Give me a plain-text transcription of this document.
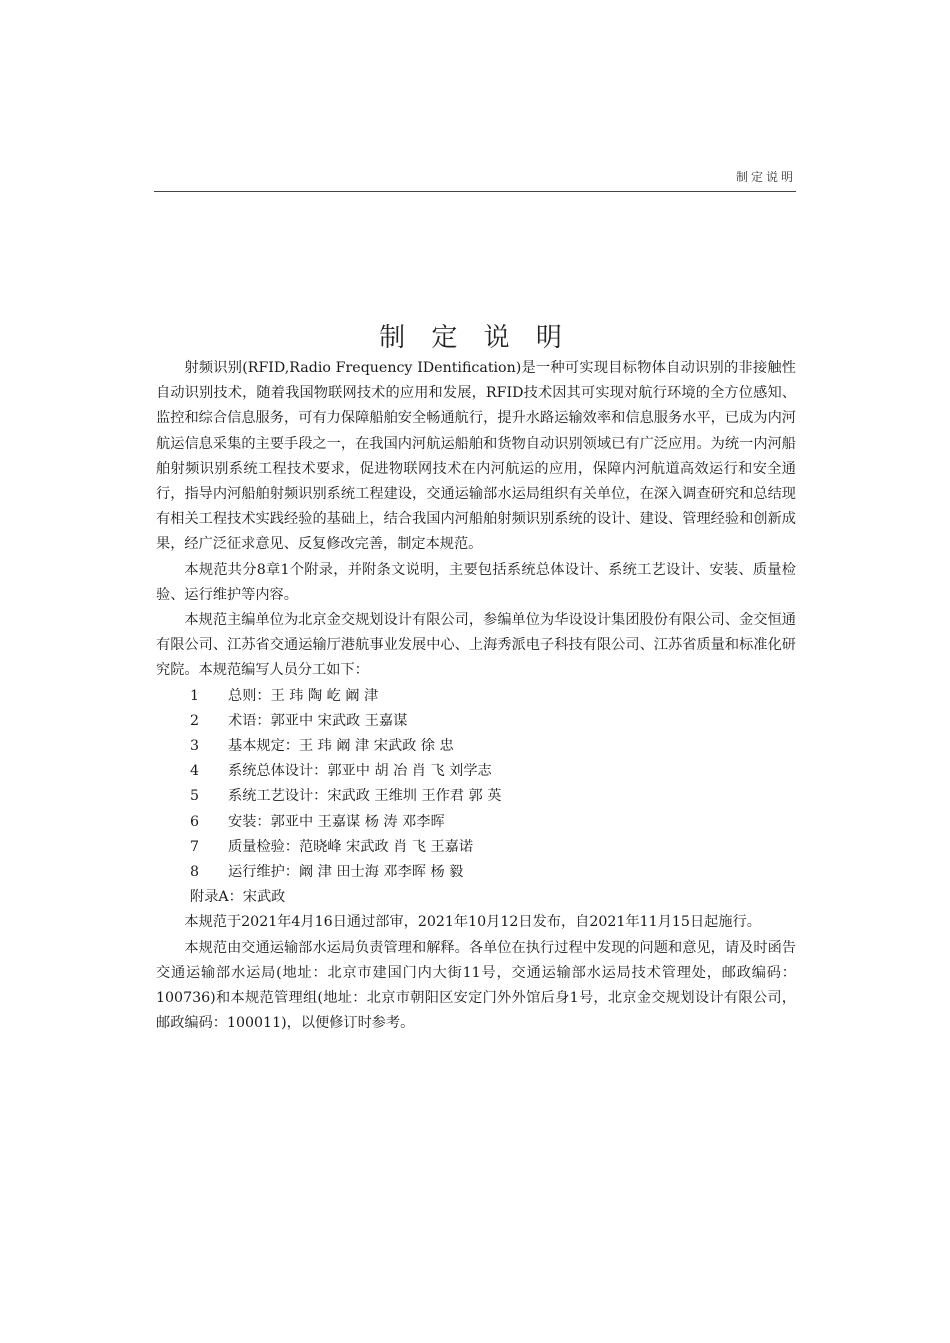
制定说明
制 定 说 明

射频识别(RFID,Radio Frequency IDentification)是一种可实现目标物体自动识别的非接触性自动识别技术，随着我国物联网技术的应用和发展，RFID技术因其可实现对航行环境的全方位感知、监控和综合信息服务，可有力保障船舶安全畅通航行，提升水路运输效率和信息服务水平，已成为内河航运信息采集的主要手段之一，在我国内河航运船舶和货物自动识别领域已有广泛应用。为统一内河船舶射频识别系统工程技术要求，促进物联网技术在内河航运的应用，保障内河航道高效运行和安全通行，指导内河船舶射频识别系统工程建设，交通运输部水运局组织有关单位，在深入调查研究和总结现有相关工程技术实践经验的基础上，结合我国内河船舶射频识别系统的设计、建设、管理经验和创新成果，经广泛征求意见、反复修改完善，制定本规范。

本规范共分8章1个附录，并附条文说明，主要包括系统总体设计、系统工艺设计、安装、质量检验、运行维护等内容。

本规范主编单位为北京金交规划设计有限公司，参编单位为华设设计集团股份有限公司、金交恒通有限公司、江苏省交通运输厅港航事业发展中心、上海秀派电子科技有限公司、江苏省质量和标准化研究院。本规范编写人员分工如下：

1 总则：王 玮 陶 屹 阚 津
2 术语：郭亚中 宋武政 王嘉谋
3 基本规定：王 玮 阚 津 宋武政 徐 忠
4 系统总体设计：郭亚中 胡 冶 肖 飞 刘学志
5 系统工艺设计：宋武政 王维圳 王作君 郭 英
6 安装：郭亚中 王嘉谋 杨 涛 邓李晖
7 质量检验：范晓峰 宋武政 肖 飞 王嘉诺
8 运行维护：阚 津 田士海 邓李晖 杨 毅
附录A：宋武政

本规范于2021年4月16日通过部审，2021年10月12日发布，自2021年11月15日起施行。

本规范由交通运输部水运局负责管理和解释。各单位在执行过程中发现的问题和意见，请及时函告交通运输部水运局(地址：北京市建国门内大街11号，交通运输部水运局技术管理处，邮政编码：100736)和本规范管理组(地址：北京市朝阳区安定门外外馆后身1号，北京金交规划设计有限公司，邮政编码：100011)，以便修订时参考。
